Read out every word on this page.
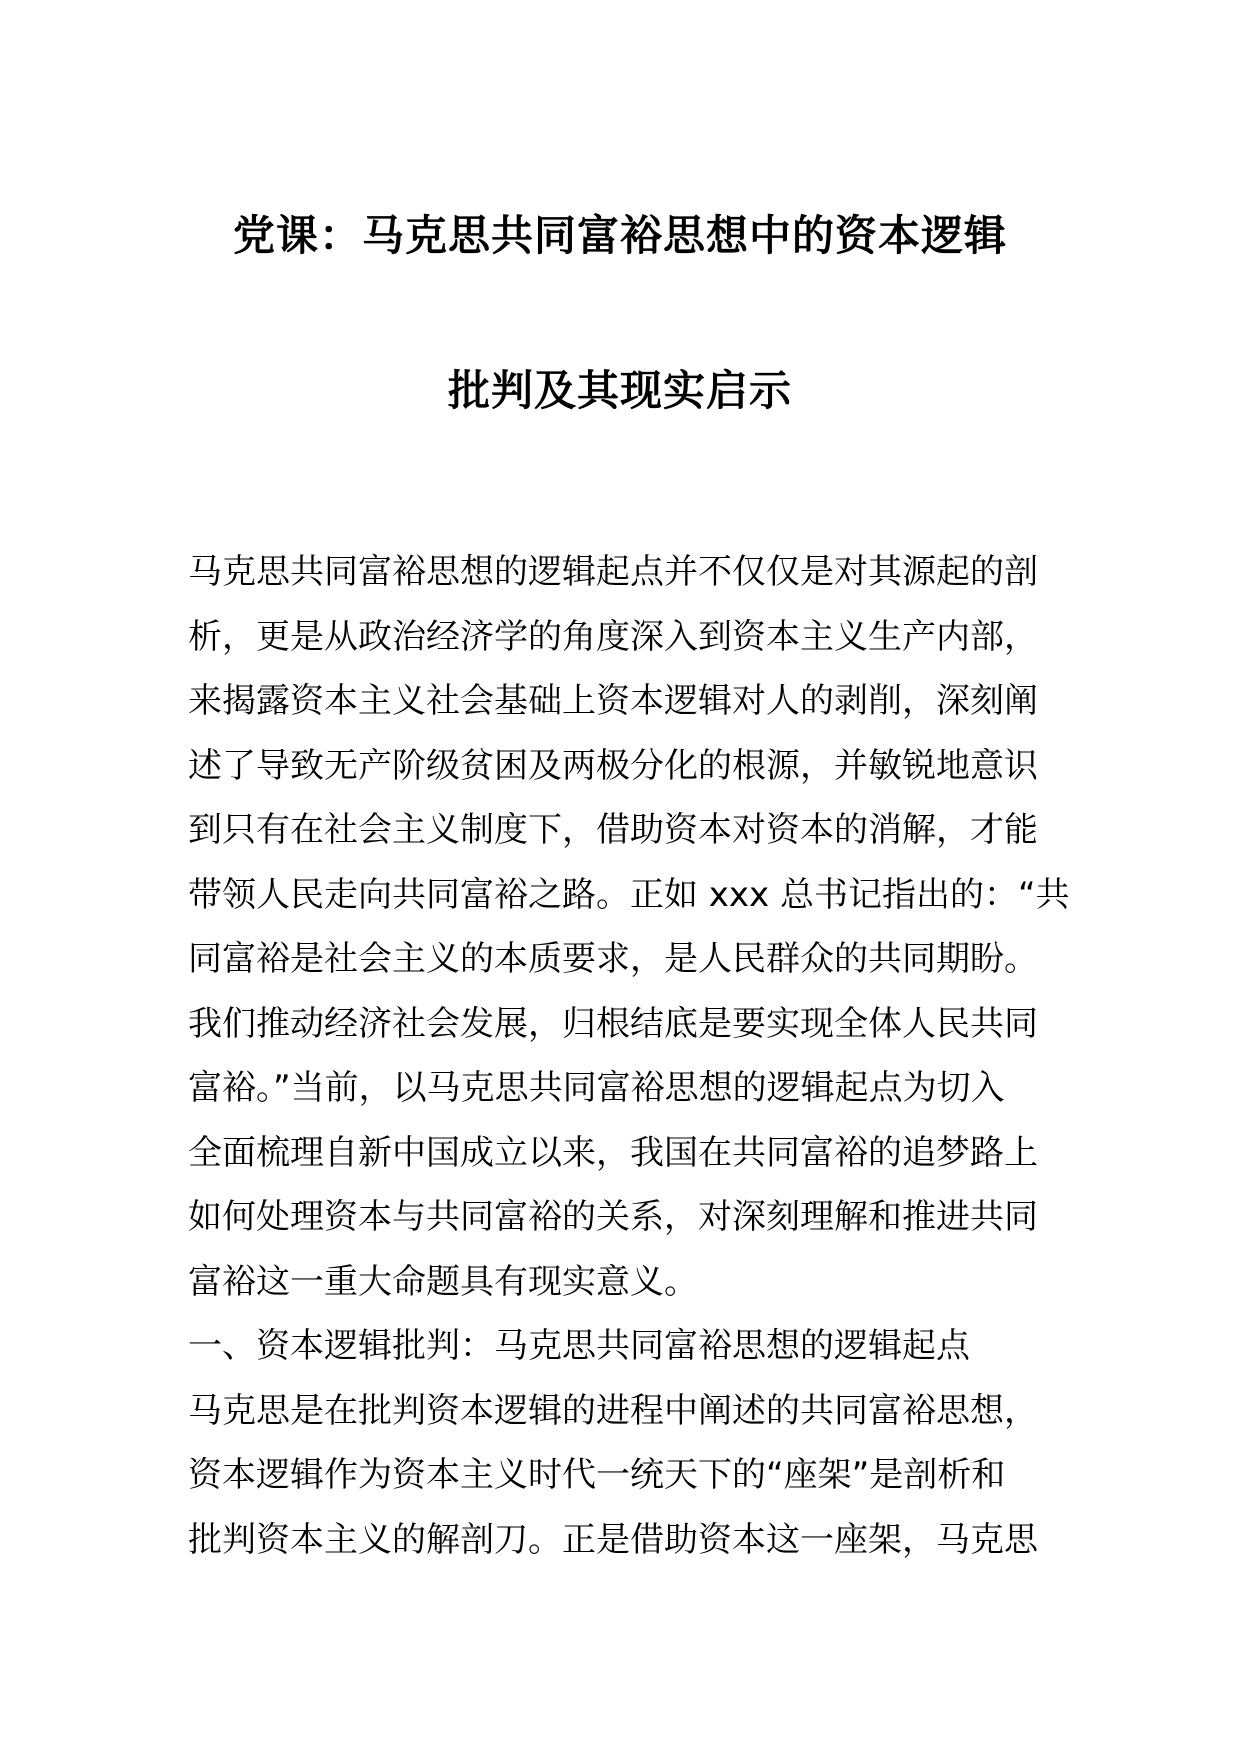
党课：马克思共同富裕思想中的资本逻辑
批判及其现实启示
马克思共同富裕思想的逻辑起点并不仅仅是对其源起的剖
析，更是从政治经济学的角度深入到资本主义生产内部，
来揭露资本主义社会基础上资本逻辑对人的剥削，深刻阐
述了导致无产阶级贫困及两极分化的根源，并敏锐地意识
到只有在社会主义制度下，借助资本对资本的消解，才能
带领人民走向共同富裕之路。正如 xxx 总书记指出的：“共
同富裕是社会主义的本质要求，是人民群众的共同期盼。
我们推动经济社会发展，归根结底是要实现全体人民共同
富裕。”当前，以马克思共同富裕思想的逻辑起点为切入
全面梳理自新中国成立以来，我国在共同富裕的追梦路上
如何处理资本与共同富裕的关系，对深刻理解和推进共同
富裕这一重大命题具有现实意义。
一、资本逻辑批判：马克思共同富裕思想的逻辑起点
马克思是在批判资本逻辑的进程中阐述的共同富裕思想，
资本逻辑作为资本主义时代一统天下的“座架”是剖析和
批判资本主义的解剖刀。正是借助资本这一座架，马克思
